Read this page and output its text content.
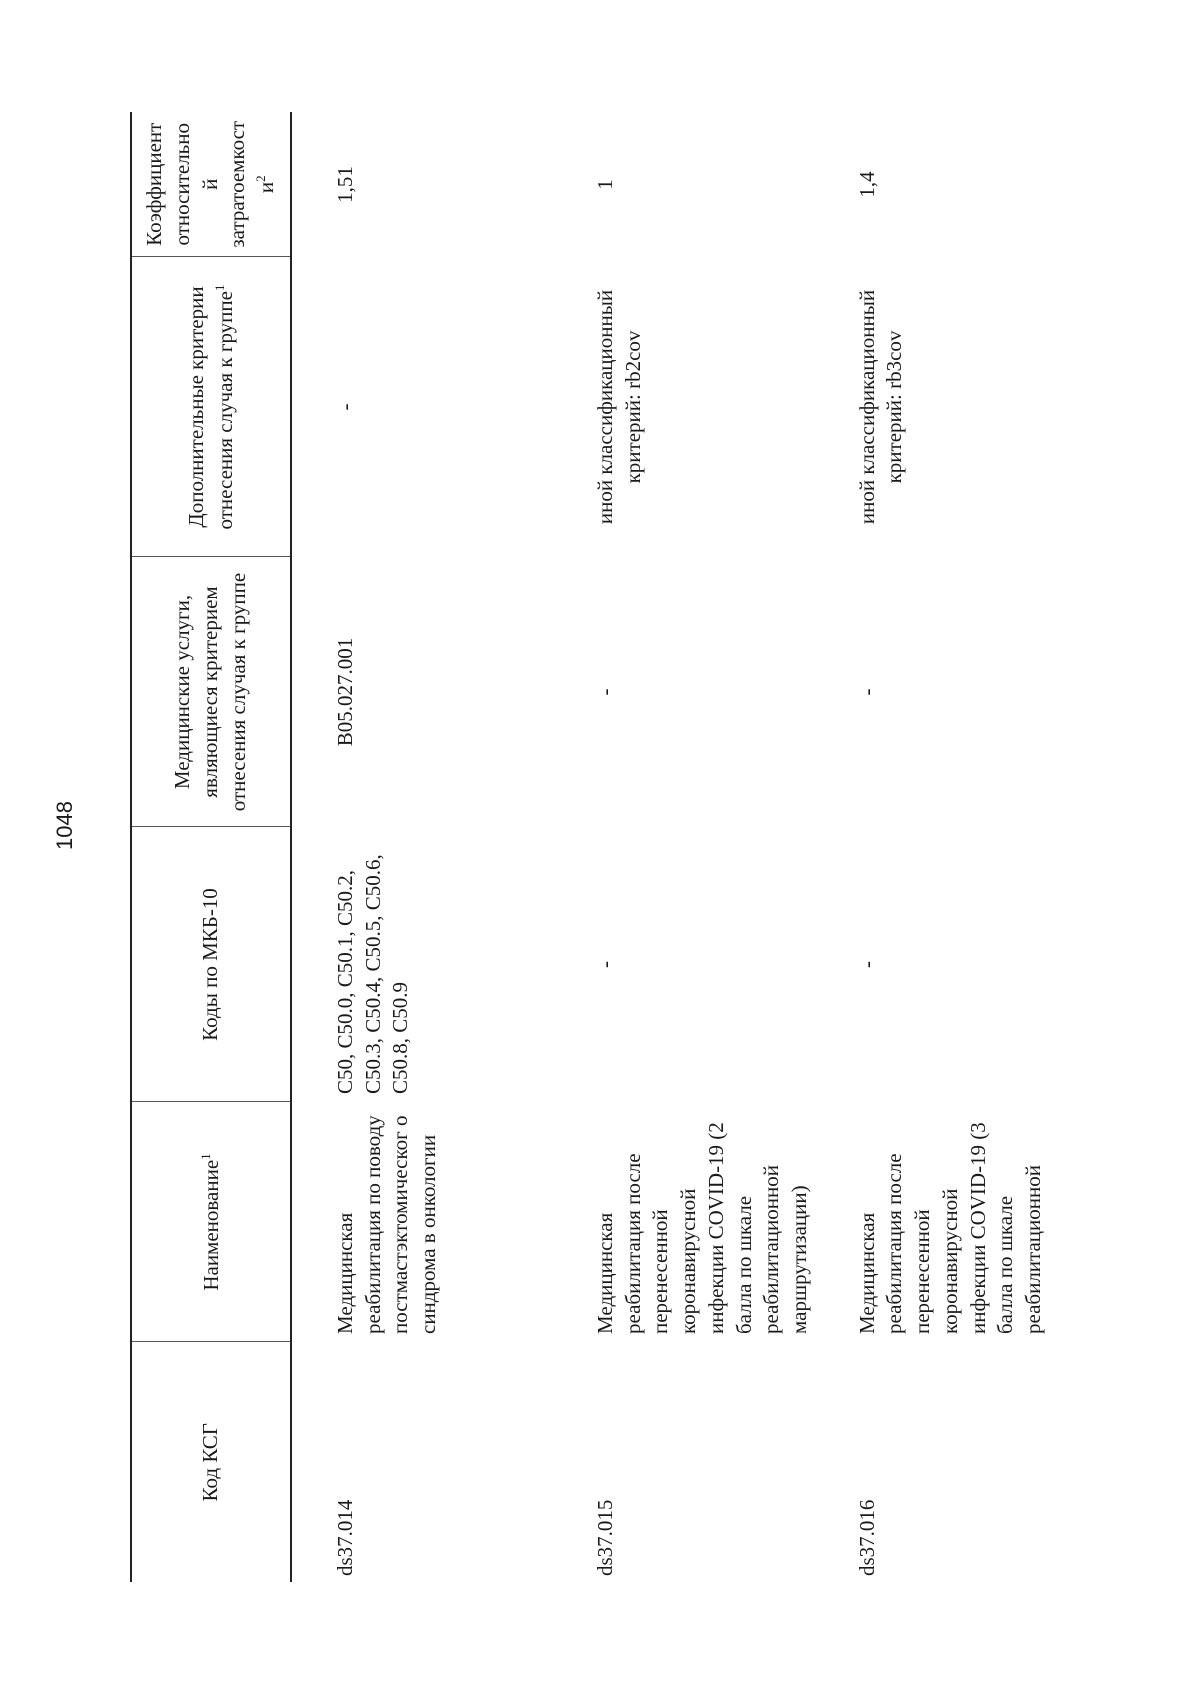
1048
Код КСГ	Наименование$^1$	Коды по МКБ-10	Медицинские услуги, являющиеся критерием отнесения случая к группе	Дополнительные критерии отнесения случая к группе$^1$	Коэффициент относительно й затратоемкост $и^2$
ds37.014	Медицинская реабилитация по поводу постмастэктомическог о синдрома в онкологии	C50, C50.0, C50.1, C50.2, C50.3, C50.4, C50.5, C50.6, C50.8, C50.9	B05.027.001	-	1,51
ds37.015	Медицинская реабилитация после перенесенной коронавирусной инфекции COVID-19 (2 балла по шкале реабилитационной маршрутизации)	-	-	иной классификационный критерий: rb2cov	1
ds37.016	Медицинская реабилитация после перенесенной коронавирусной инфекции COVID-19 (3 балла по шкале реабилитационной	-	-	иной классификационный критерий: rb3cov	1,4
